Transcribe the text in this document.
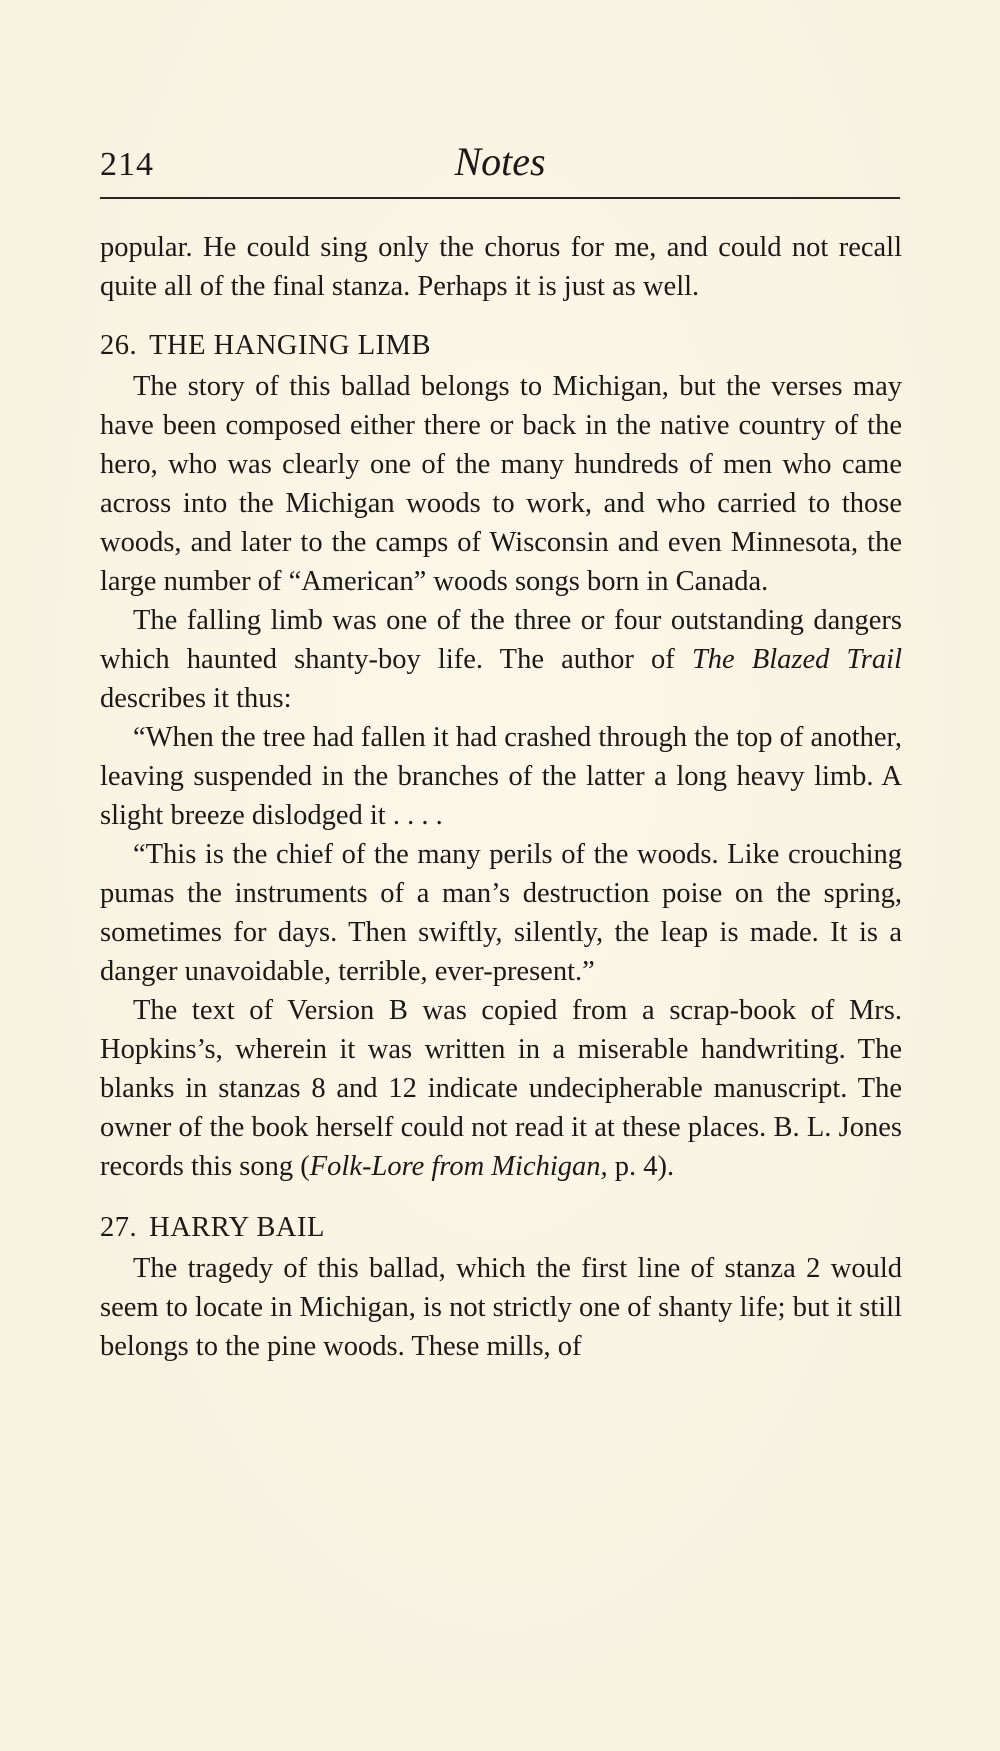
214	Notes

popular. He could sing only the chorus for me, and could not recall quite all of the final stanza. Perhaps it is just as well.

26. THE HANGING LIMB

The story of this ballad belongs to Michigan, but the verses may have been composed either there or back in the native country of the hero, who was clearly one of the many hundreds of men who came across into the Michigan woods to work, and who carried to those woods, and later to the camps of Wisconsin and even Minnesota, the large number of “American” woods songs born in Canada.

The falling limb was one of the three or four outstanding dangers which haunted shanty-boy life. The author of The Blazed Trail describes it thus:

“When the tree had fallen it had crashed through the top of another, leaving suspended in the branches of the latter a long heavy limb. A slight breeze dislodged it . . . .

“This is the chief of the many perils of the woods. Like crouching pumas the instruments of a man’s destruction poise on the spring, sometimes for days. Then swiftly, silently, the leap is made. It is a danger unavoidable, terrible, ever-present.”

The text of Version B was copied from a scrap-book of Mrs. Hopkins’s, wherein it was written in a miserable handwriting. The blanks in stanzas 8 and 12 indicate undecipherable manuscript. The owner of the book herself could not read it at these places. B. L. Jones records this song (Folk-Lore from Michigan, p. 4).

27. HARRY BAIL

The tragedy of this ballad, which the first line of stanza 2 would seem to locate in Michigan, is not strictly one of shanty life; but it still belongs to the pine woods. These mills, of
